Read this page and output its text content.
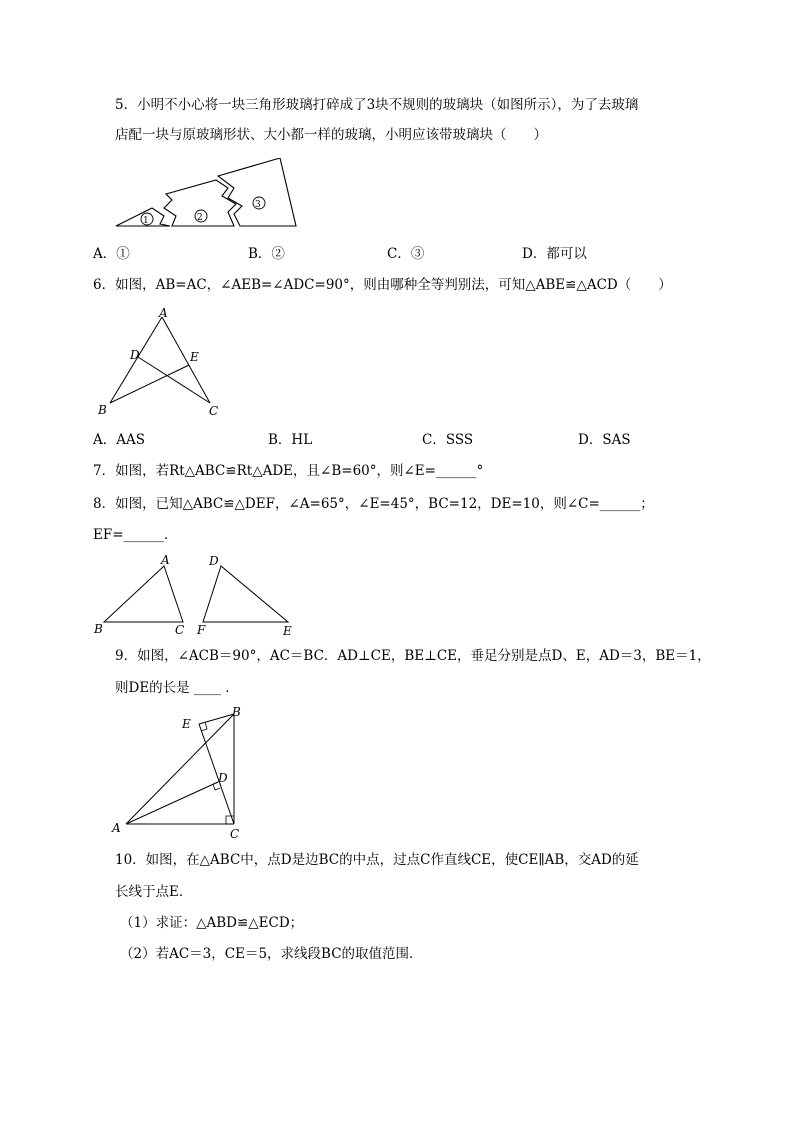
5．小明不小心将一块三角形玻璃打碎成了3块不规则的玻璃块（如图所示），为了去玻璃
店配一块与原玻璃形状、大小都一样的玻璃，小明应该带玻璃块（　　）
1	2
3
A．①	B．②	C．③	D．都可以
6．如图，AB=AC，∠AEB=∠ADC=90°，则由哪种全等判别法，可知△ABE≌△ACD（　　）
A
B	C
D	E
A．AAS	B．HL	C．SSS	D．SAS
7．如图，若Rt△ABC≌Rt△ADE，且∠B=60°，则∠E=______°
8．如图，已知△ABC≌△DEF，∠A=65°，∠E=45°，BC=12，DE=10，则∠C=______；
EF=______．
A
B	C
D
E
F
9．如图，∠ACB＝90°，AC＝BC．AD⊥CE，BE⊥CE，垂足分别是点D、E，AD＝3，BE＝1，
则DE的长是 ____ ．
A
B
C
D
E
10．如图，在△ABC中，点D是边BC的中点，过点C作直线CE，使CE∥AB，交AD的延
长线于点E．
（1）求证：△ABD≌△ECD；
（2）若AC＝3，CE＝5，求线段BC的取值范围．
